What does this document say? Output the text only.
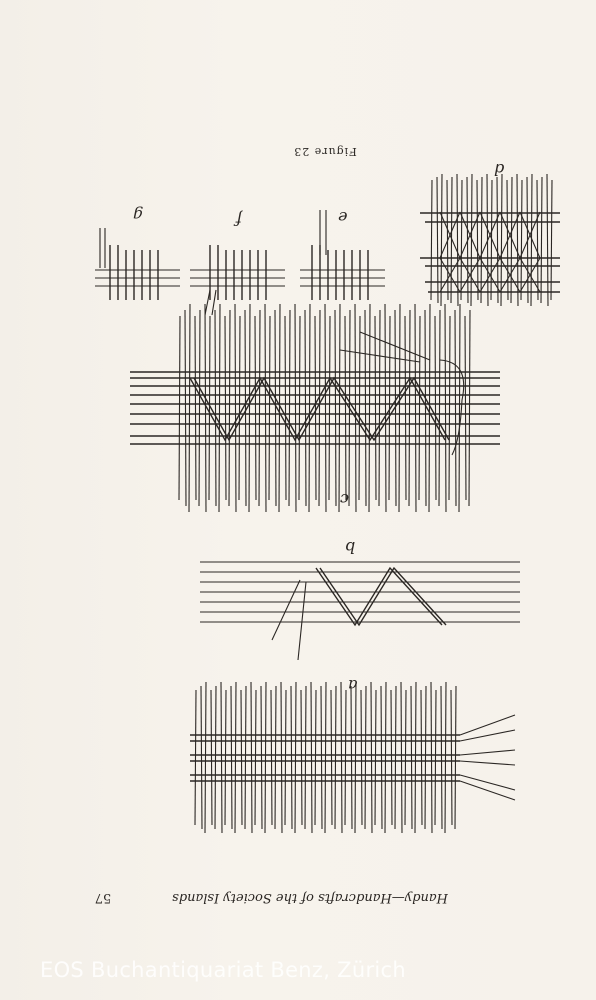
Figure 23
d
g	f	e
c
b
a
Handy—Handcrafts of the Society Islands
57
EOS Buchantiquariat Benz, Zürich
